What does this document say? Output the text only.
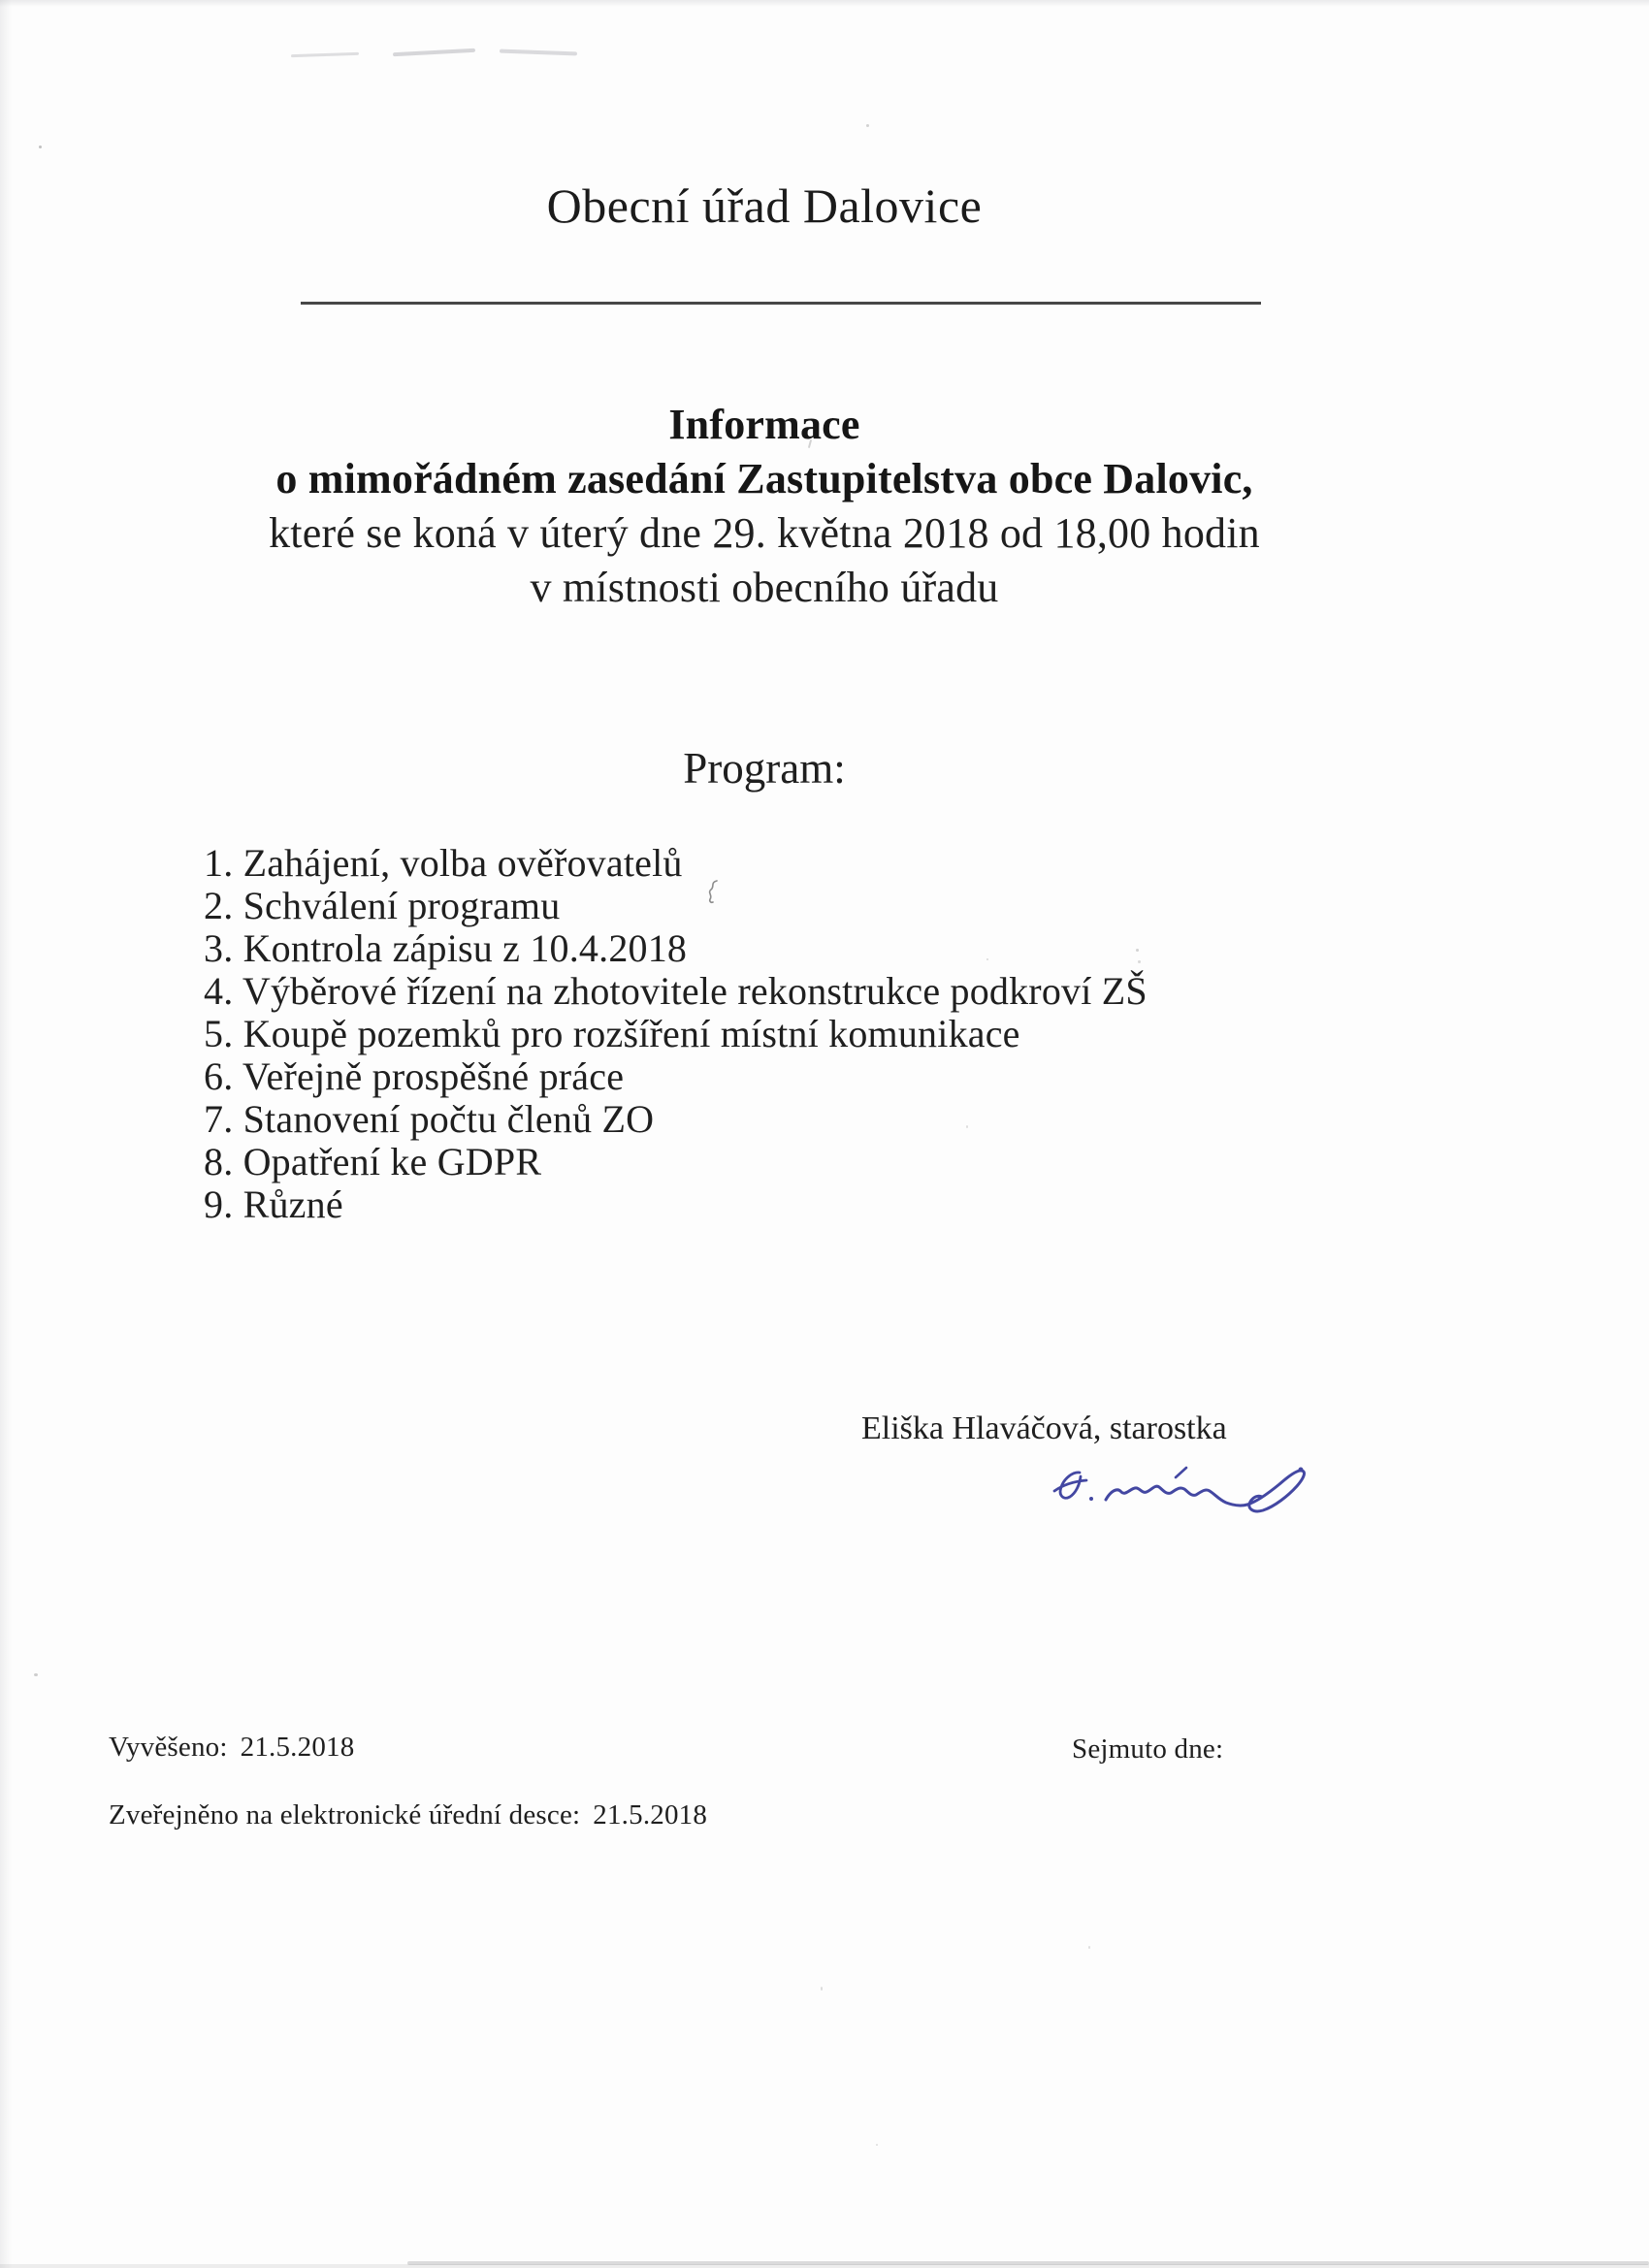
Obecní úřad Dalovice
Informace
o mimořádném zasedání Zastupitelstva obce Dalovic,
které se koná v úterý dne 29. května 2018 od 18,00 hodin
v místnosti obecního úřadu
Program:
1. Zahájení, volba ověřovatelů
2. Schválení programu
3. Kontrola zápisu z 10.4.2018
4. Výběrové řízení na zhotovitele rekonstrukce podkroví ZŠ
5. Koupě pozemků pro rozšíření místní komunikace
6. Veřejně prospěšné práce
7. Stanovení počtu členů ZO
8. Opatření ke GDPR
9. Různé
Eliška Hlaváčová, starostka
Vyvěšeno: 21.5.2018	Sejmuto dne:
Zveřejněno na elektronické úřední desce: 21.5.2018
